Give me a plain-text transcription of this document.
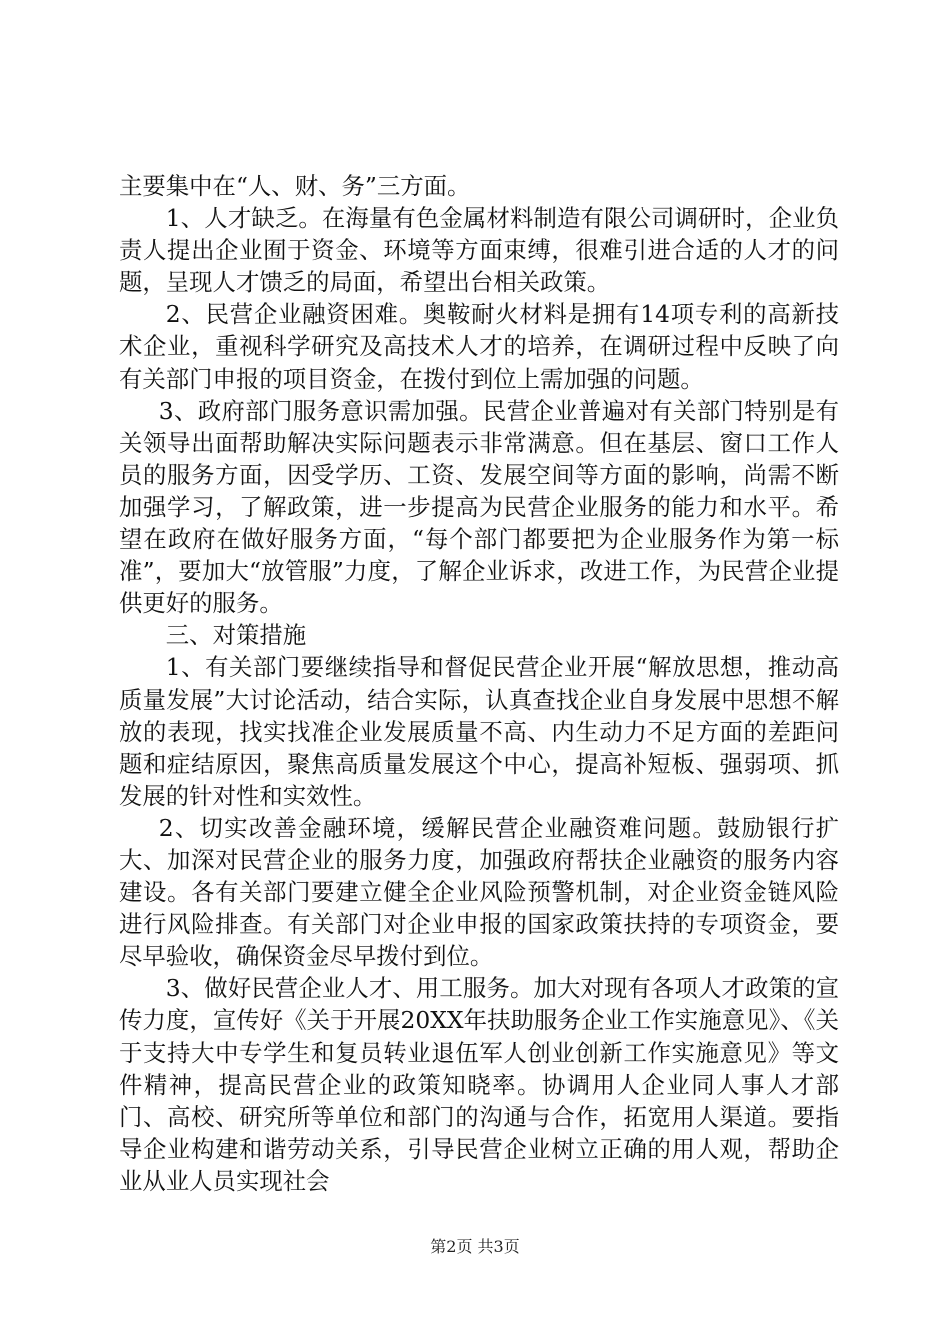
主要集中在“人、财、务”三方面。

1、人才缺乏。在海量有色金属材料制造有限公司调研时，企业负责人提出企业囿于资金、环境等方面束缚，很难引进合适的人才的问题，呈现人才馈乏的局面，希望出台相关政策。

2、民营企业融资困难。奥鞍耐火材料是拥有14项专利的高新技术企业，重视科学研究及高技术人才的培养，在调研过程中反映了向有关部门申报的项目资金，在拨付到位上需加强的问题。

3、政府部门服务意识需加强。民营企业普遍对有关部门特别是有关领导出面帮助解决实际问题表示非常满意。但在基层、窗口工作人员的服务方面，因受学历、工资、发展空间等方面的影响，尚需不断加强学习，了解政策，进一步提高为民营企业服务的能力和水平。希望在政府在做好服务方面，“每个部门都要把为企业服务作为第一标准”，要加大“放管服”力度，了解企业诉求，改进工作，为民营企业提供更好的服务。

三、对策措施

1、有关部门要继续指导和督促民营企业开展“解放思想，推动高质量发展”大讨论活动，结合实际，认真查找企业自身发展中思想不解放的表现，找实找准企业发展质量不高、内生动力不足方面的差距问题和症结原因，聚焦高质量发展这个中心，提高补短板、强弱项、抓发展的针对性和实效性。

2、切实改善金融环境，缓解民营企业融资难问题。鼓励银行扩大、加深对民营企业的服务力度，加强政府帮扶企业融资的服务内容建设。各有关部门要建立健全企业风险预警机制，对企业资金链风险进行风险排查。有关部门对企业申报的国家政策扶持的专项资金，要尽早验收，确保资金尽早拨付到位。

3、做好民营企业人才、用工服务。加大对现有各项人才政策的宣传力度，宣传好《关于开展20XX年扶助服务企业工作实施意见》、《关于支持大中专学生和复员转业退伍军人创业创新工作实施意见》等文件精神，提高民营企业的政策知晓率。协调用人企业同人事人才部门、高校、研究所等单位和部门的沟通与合作，拓宽用人渠道。要指导企业构建和谐劳动关系，引导民营企业树立正确的用人观，帮助企业从业人员实现社会

第2页 共3页
